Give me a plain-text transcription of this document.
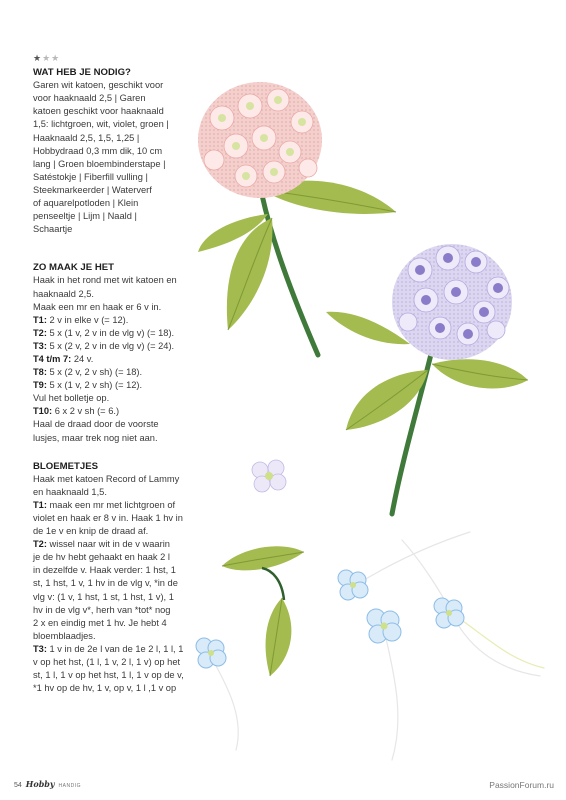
★★★

WAT HEB JE NODIG?

Garen wit katoen, geschikt voor

voor haaknaald 2,5 | Garen

katoen geschikt voor haaknaald

1,5: lichtgroen, wit, violet, groen |

Haaknaald 2,5, 1,5, 1,25 |

Hobbydraad 0,3 mm dik, 10 cm

lang | Groen bloembinderstape |

Satéstokje | Fiberfill vulling |

Steekmarkeerder | Waterverf

of aquarelpotloden | Klein

penseeltje | Lijm | Naald |

Schaartje

ZO MAAK JE HET

Haak in het rond met wit katoen en

haaknaald 2,5.

Maak een mr en haak er 6 v in.

T1: 2 v in elke v (= 12).

T2: 5 x (1 v, 2 v in de vlg v) (= 18).

T3: 5 x (2 v, 2 v in de vlg v) (= 24).

T4 t/m 7: 24 v.

T8: 5 x (2 v, 2 v sh) (= 18).

T9: 5 x (1 v, 2 v sh) (= 12).

Vul het bolletje op.

T10: 6 x 2 v sh (= 6.)

Haal de draad door de voorste

lusjes, maar trek nog niet aan.

BLOEMETJES

Haak met katoen Record of Lammy

en haaknaald 1,5.

T1: maak een mr met lichtgroen of

violet en haak er 8 v in. Haak 1 hv in

de 1e v en knip de draad af.

T2: wissel naar wit in de v waarin

je de hv hebt gehaakt en haak 2 l

in dezelfde v. Haak verder: 1 hst, 1

st, 1 hst, 1 v, 1 hv in de vlg v, *in de

vlg v: (1 v, 1 hst, 1 st, 1 hst, 1 v), 1

hv in de vlg v*, herh van *tot* nog

2 x en eindig met 1 hv. Je hebt 4

bloemblaadjes.

T3: 1 v in de 2e l van de 1e 2 l, 1 l, 1

v op het hst, (1 l, 1 v, 2 l, 1 v) op het

st, 1 l, 1 v op het hst, 1 l, 1 v op de v,

*1 hv op de hv, 1 v, op v, 1 l ,1 v op

54 Hobby HANDIG	PassionForum.ru
